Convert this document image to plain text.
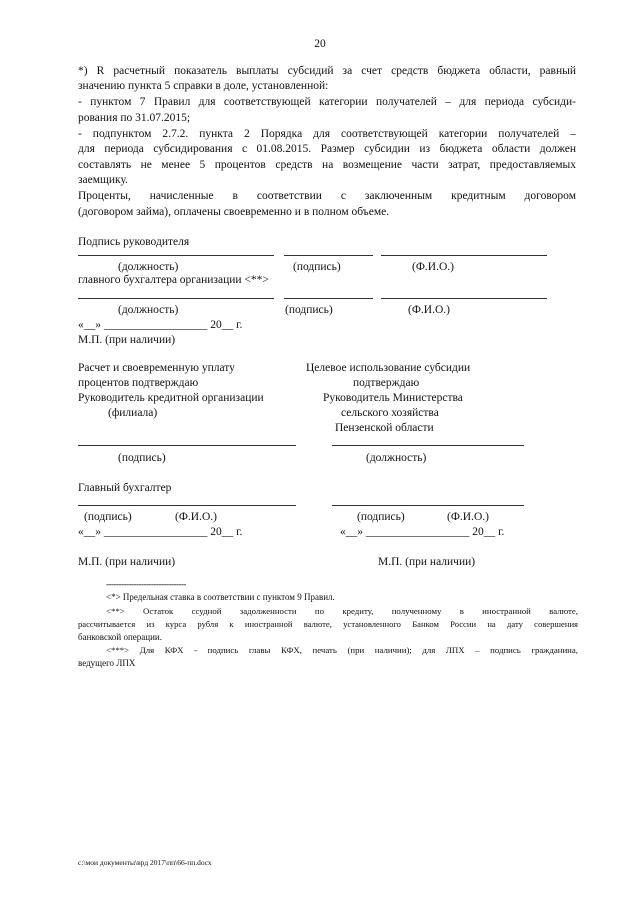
20
*) R расчетный показатель выплаты субсидий за счет средств бюджета области, равный
значению пункта 5 справки в доле, установленной:
- пунктом 7 Правил для соответствующей категории получателей – для периода субсиди-
рования по 31.07.2015;
- подпунктом 2.7.2. пункта 2 Порядка для соответствующей категории получателей –
для периода субсидирования с 01.08.2015. Размер субсидии из бюджета области должен
составлять не менее 5 процентов средств на возмещение части затрат, предоставляемых
заемщику.
Проценты, начисленные в соответствии с заключенным кредитным договором
(договором займа), оплачены своевременно и в полном объеме.
Подпись руководителя
(должность)	(подпись)	(Ф.И.О.)
главного бухгалтера организации <**>
(должность)	(подпись)	(Ф.И.О.)
«__» __________________ 20__ г.
М.П. (при наличии)
Расчет и своевременную уплату
процентов подтверждаю
Руководитель кредитной организации
(филиала)
(подпись)
Главный бухгалтер
(подпись)	(Ф.И.О.)
«__» __________________ 20__ г.
М.П. (при наличии)
Целевое использование субсидии
подтверждаю
Руководитель Министерства
сельского хозяйства
Пензенской области
(должность)
(подпись)	(Ф.И.О.)
«__» __________________ 20__ г.
М.П. (при наличии)
--------------------------------
<*> Предельная ставка в соответствии с пунктом 9 Правил.
<**> Остаток ссудной задолженности по кредиту, полученному в иностранной валюте,
рассчитывается из курса рубля к иностранной валюте, установленного Банком России на дату совершения
банковской операции.
<***> Для КФХ - подпись главы КФХ, печать (при наличии); для ЛПХ – подпись гражданина,
ведущего ЛПХ
c:\мои документы\врд 2017\пп\66-пп.docx
